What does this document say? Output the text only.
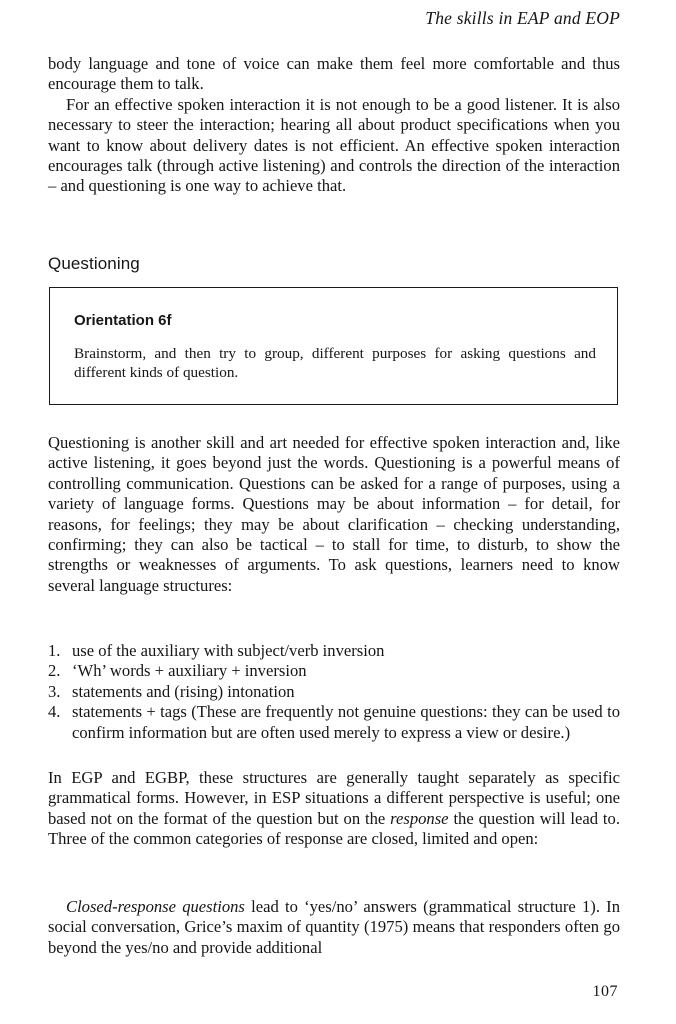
The skills in EAP and EOP

body language and tone of voice can make them feel more comfortable and thus encourage them to talk.

For an effective spoken interaction it is not enough to be a good listener. It is also necessary to steer the interaction; hearing all about product specifications when you want to know about delivery dates is not efficient. An effective spoken interaction encourages talk (through active listening) and controls the direction of the interaction – and questioning is one way to achieve that.

Questioning
Orientation 6f
Brainstorm, and then try to group, different purposes for asking questions and different kinds of question.

Questioning is another skill and art needed for effective spoken interaction and, like active listening, it goes beyond just the words. Questioning is a powerful means of controlling communication. Questions can be asked for a range of purposes, using a variety of language forms. Questions may be about information – for detail, for reasons, for feelings; they may be about clarification – checking understanding, confirming; they can also be tactical – to stall for time, to disturb, to show the strengths or weaknesses of arguments. To ask questions, learners need to know several language structures:

1. use of the auxiliary with subject/verb inversion
2. ‘Wh’ words + auxiliary + inversion
3. statements and (rising) intonation
4. statements + tags (These are frequently not genuine questions: they can be used to confirm information but are often used merely to express a view or desire.)

In EGP and EGBP, these structures are generally taught separately as specific grammatical forms. However, in ESP situations a different perspective is useful; one based not on the format of the question but on the response the question will lead to. Three of the common categories of response are closed, limited and open:

Closed-response questions lead to ‘yes/no’ answers (grammatical structure 1). In social conversation, Grice’s maxim of quantity (1975) means that responders often go beyond the yes/no and provide additional

107
